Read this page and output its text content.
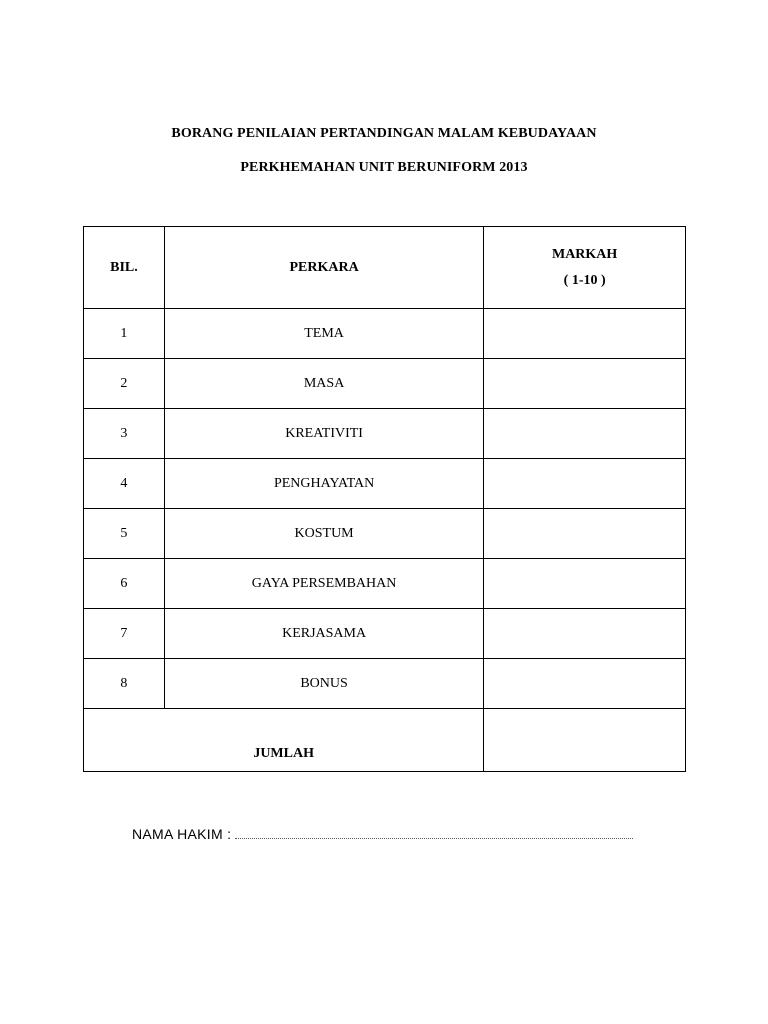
BORANG PENILAIAN PERTANDINGAN MALAM KEBUDAYAAN
PERKHEMAHAN UNIT BERUNIFORM 2013
BIL.	PERKARA	MARKAH
( 1-10 )

1	TEMA	
2	MASA	
3	KREATIVITI	
4	PENGHAYATAN	
5	KOSTUM	
6	GAYA PERSEMBAHAN	
7	KERJASAMA	
8	BONUS	
JUMLAH		
NAMA HAKIM :
